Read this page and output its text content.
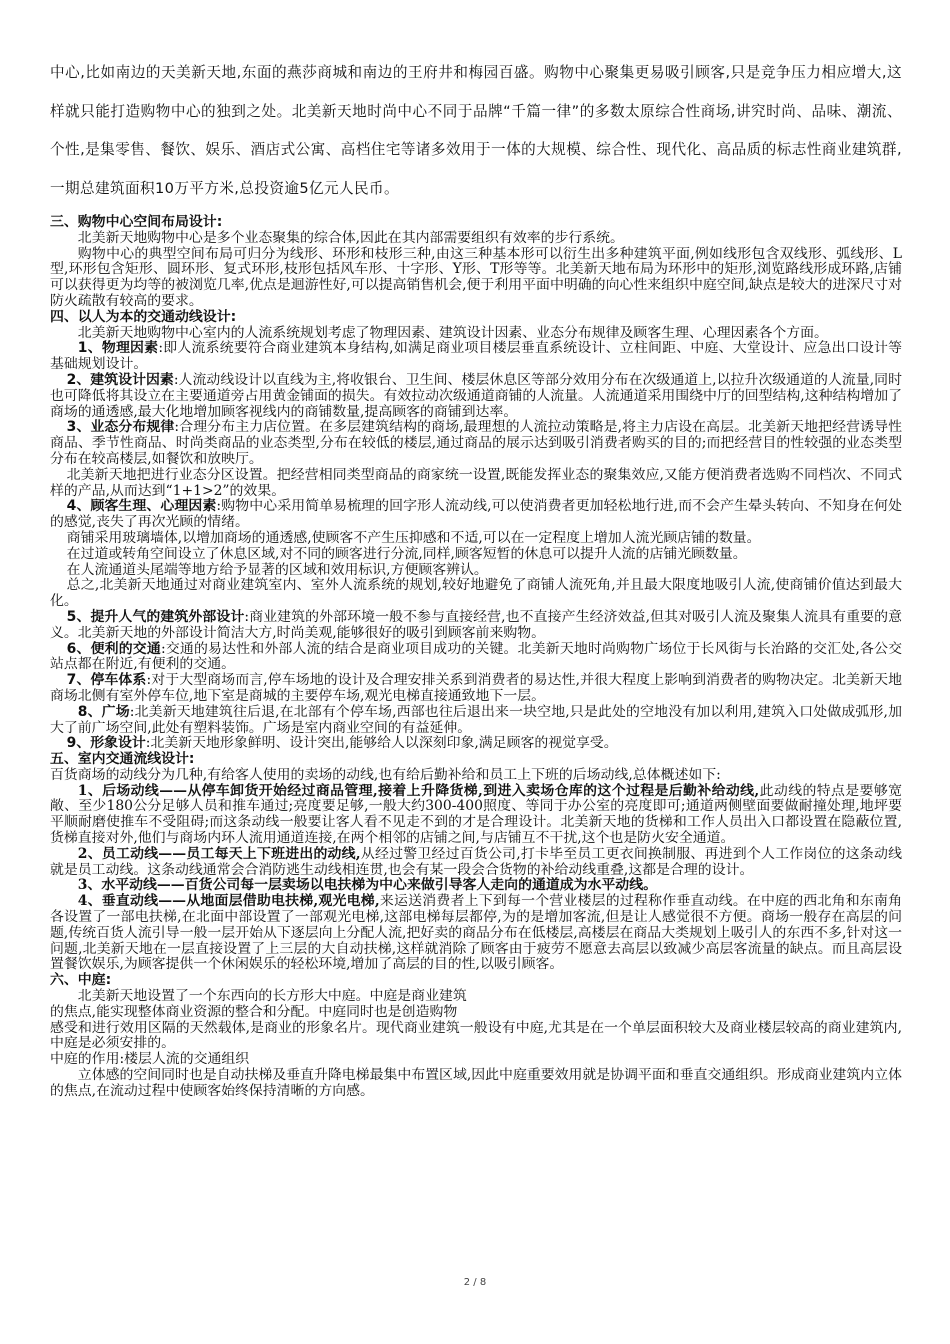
中心,比如南边的天美新天地,东面的燕莎商城和南边的王府井和梅园百盛。购物中心聚集更易吸引顾客,只是竞争压力相应增大,这样就只能打造购物中心的独到之处。北美新天地时尚中心不同于品牌“千篇一律”的多数太原综合性商场,讲究时尚、品味、潮流、个性,是集零售、餐饮、娱乐、酒店式公寓、高档住宅等诸多效用于一体的大规模、综合性、现代化、高品质的标志性商业建筑群,一期总建筑面积10万平方米,总投资逾5亿元人民币。

三、购物中心空间布局设计:

北美新天地购物中心是多个业态聚集的综合体,因此在其内部需要组织有效率的步行系统。

购物中心的典型空间布局可归分为线形、环形和枝形三种,由这三种基本形可以衍生出多种建筑平面,例如线形包含双线形、弧线形、L型,环形包含矩形、圆环形、复式环形,枝形包括风车形、十字形、Y形、T形等等。北美新天地布局为环形中的矩形,浏览路线形成环路,店铺可以获得更为均等的被浏览几率,优点是迴游性好,可以提高销售机会,便于利用平面中明确的向心性来组织中庭空间,缺点是较大的进深尺寸对防火疏散有较高的要求。

四、以人为本的交通动线设计:

北美新天地购物中心室内的人流系统规划考虑了物理因素、建筑设计因素、业态分布规律及顾客生理、心理因素各个方面。

1、物理因素:即人流系统要符合商业建筑本身结构,如满足商业项目楼层垂直系统设计、立柱间距、中庭、大堂设计、应急出口设计等基础规划设计。

2、建筑设计因素:人流动线设计以直线为主,将收银台、卫生间、楼层休息区等部分效用分布在次级通道上,以拉升次级通道的人流量,同时也可降低将其设立在主要通道旁占用黄金铺面的损失。有效拉动次级通道商铺的人流量。人流通道采用围绕中厅的回型结构,这种结构增加了商场的通透感,最大化地增加顾客视线内的商铺数量,提高顾客的商铺到达率。

3、业态分布规律:合理分布主力店位置。在多层建筑结构的商场,最理想的人流拉动策略是,将主力店设在高层。北美新天地把经营诱导性商品、季节性商品、时尚类商品的业态类型,分布在较低的楼层,通过商品的展示达到吸引消费者购买的目的;而把经营目的性较强的业态类型分布在较高楼层,如餐饮和放映厅。

北美新天地把进行业态分区设置。把经营相同类型商品的商家统一设置,既能发挥业态的聚集效应,又能方便消费者选购不同档次、不同式样的产品,从而达到“1+1>2”的效果。

4、顾客生理、心理因素:购物中心采用简单易梳理的回字形人流动线,可以使消费者更加轻松地行进,而不会产生晕头转向、不知身在何处的感觉,丧失了再次光顾的情绪。

商铺采用玻璃墙体,以增加商场的通透感,使顾客不产生压抑感和不适,可以在一定程度上增加人流光顾店铺的数量。

在过道或转角空间设立了休息区域,对不同的顾客进行分流,同样,顾客短暂的休息可以提升人流的店铺光顾数量。

在人流通道头尾端等地方给予显著的区域和效用标识,方便顾客辨认。

总之,北美新天地通过对商业建筑室内、室外人流系统的规划,较好地避免了商铺人流死角,并且最大限度地吸引人流,使商铺价值达到最大化。

5、提升人气的建筑外部设计:商业建筑的外部环境一般不参与直接经营,也不直接产生经济效益,但其对吸引人流及聚集人流具有重要的意义。北美新天地的外部设计简洁大方,时尚美观,能够很好的吸引到顾客前来购物。

6、便利的交通:交通的易达性和外部人流的结合是商业项目成功的关键。北美新天地时尚购物广场位于长风街与长治路的交汇处,各公交站点都在附近,有便利的交通。

7、停车体系:对于大型商场而言,停车场地的设计及合理安排关系到消费者的易达性,并很大程度上影响到消费者的购物决定。北美新天地商场北侧有室外停车位,地下室是商城的主要停车场,观光电梯直接通致地下一层。

8、广场:北美新天地建筑往后退,在北部有个停车场,西部也往后退出来一块空地,只是此处的空地没有加以利用,建筑入口处做成弧形,加大了前广场空间,此处有塑料装饰。广场是室内商业空间的有益延伸。

9、形象设计:北美新天地形象鲜明、设计突出,能够给人以深刻印象,满足顾客的视觉享受。

五、室内交通流线设计:

百货商场的动线分为几种,有给客人使用的卖场的动线,也有给后勤补给和员工上下班的后场动线,总体概述如下:

1、后场动线——从停车卸货开始经过商品管理,接着上升降货梯,到进入卖场仓库的这个过程是后勤补给动线,此动线的特点是要够宽敞、至少180公分足够人员和推车通过;亮度要足够,一般大约300-400照度、等同于办公室的亮度即可;通道两侧壁面要做耐撞处理,地坪要平顺耐磨使推车不受阻碍;而这条动线一般要让客人看不见走不到的才是合理设计。北美新天地的货梯和工作人员出入口都设置在隐蔽位置,货梯直接对外,他们与商场内环人流用通道连接,在两个相邻的店铺之间,与店铺互不干扰,这个也是防火安全通道。

2、员工动线——员工每天上下班进出的动线,从经过警卫经过百货公司,打卡毕至员工更衣间换制服、再进到个人工作岗位的这条动线就是员工动线。这条动线通常会合消防逃生动线相连贯,也会有某一段会合货物的补给动线重叠,这都是合理的设计。

3、水平动线——百货公司每一层卖场以电扶梯为中心来做引导客人走向的通道成为水平动线。

4、垂直动线——从地面层借助电扶梯,观光电梯,来运送消费者上下到每一个营业楼层的过程称作垂直动线。在中庭的西北角和东南角各设置了一部电扶梯,在北面中部设置了一部观光电梯,这部电梯每层都停,为的是增加客流,但是让人感觉很不方便。商场一般存在高层的问题,传统百货人流引导一般一层开始从下逐层向上分配人流,把好卖的商品分布在低楼层,高楼层在商品大类规划上吸引人的东西不多,针对这一问题,北美新天地在一层直接设置了上三层的大自动扶梯,这样就消除了顾客由于疲劳不愿意去高层以致减少高层客流量的缺点。而且高层设置餐饮娱乐,为顾客提供一个休闲娱乐的轻松环境,增加了高层的目的性,以吸引顾客。

六、中庭:

北美新天地设置了一个东西向的长方形大中庭。中庭是商业建筑

的焦点,能实现整体商业资源的整合和分配。中庭同时也是创造购物

感受和进行效用区隔的天然载体,是商业的形象名片。现代商业建筑一般设有中庭,尤其是在一个单层面积较大及商业楼层较高的商业建筑内,中庭是必须安排的。

中庭的作用:楼层人流的交通组织

立体感的空间同时也是自动扶梯及垂直升降电梯最集中布置区域,因此中庭重要效用就是协调平面和垂直交通组织。形成商业建筑内立体的焦点,在流动过程中使顾客始终保持清晰的方向感。

2 / 8
